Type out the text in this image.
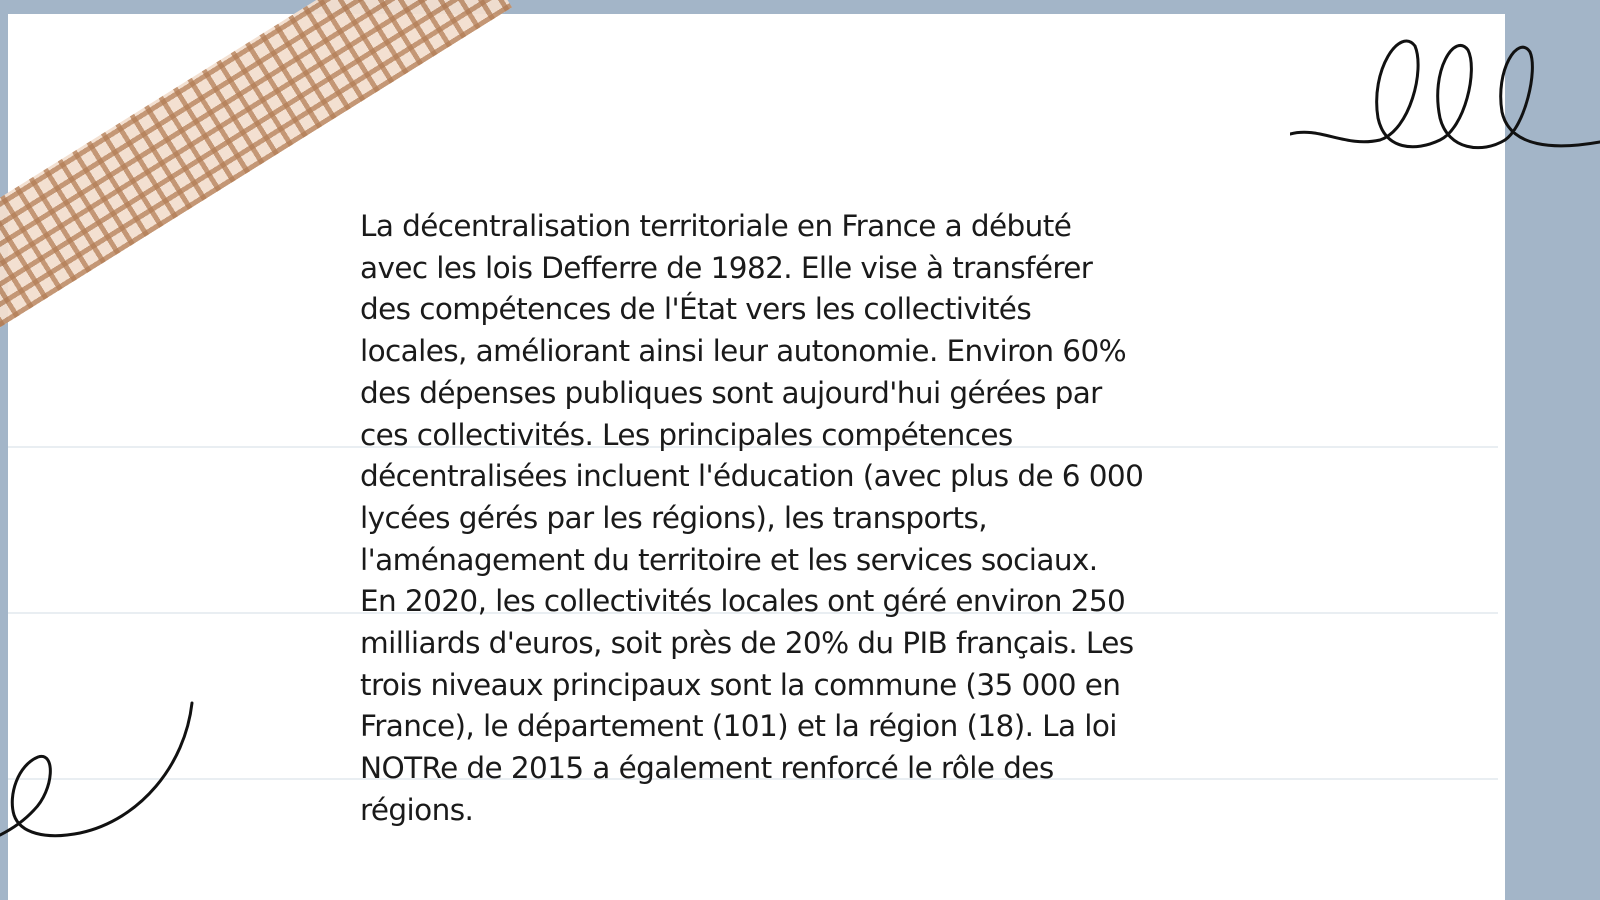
La décentralisation territoriale en France a débuté
avec les lois Defferre de 1982. Elle vise à transférer
des compétences de l'État vers les collectivités
locales, améliorant ainsi leur autonomie. Environ 60%
des dépenses publiques sont aujourd'hui gérées par
ces collectivités. Les principales compétences
décentralisées incluent l'éducation (avec plus de 6 000
lycées gérés par les régions), les transports,
l'aménagement du territoire et les services sociaux.
En 2020, les collectivités locales ont géré environ 250
milliards d'euros, soit près de 20% du PIB français. Les
trois niveaux principaux sont la commune (35 000 en
France), le département (101) et la région (18). La loi
NOTRe de 2015 a également renforcé le rôle des
régions.
